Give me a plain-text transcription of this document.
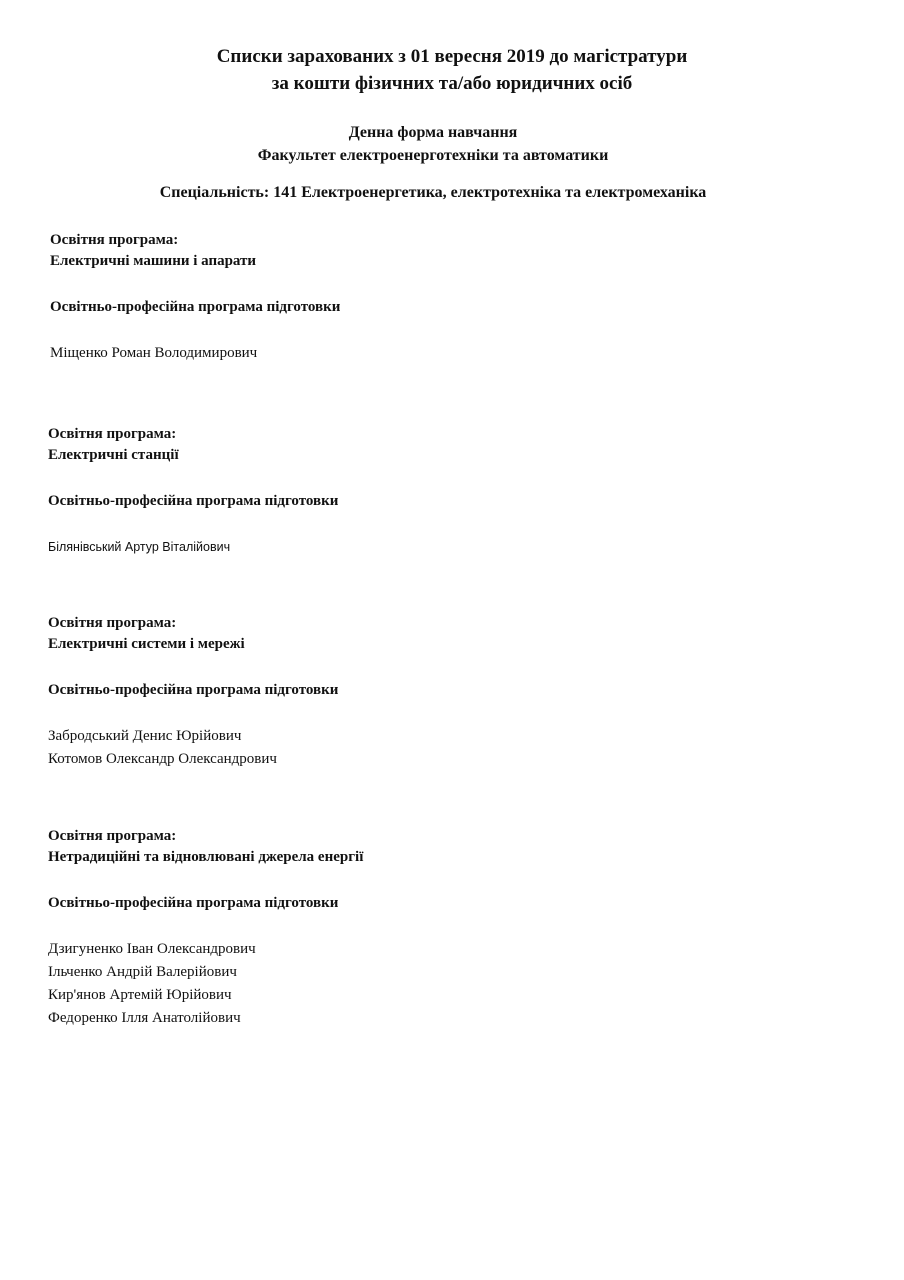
Списки зарахованих з 01 вересня 2019 до магістратури
за кошти фізичних та/або юридичних осіб

Денна форма навчання

Факультет електроенерготехніки та автоматики

Спеціальність: 141 Електроенергетика, електротехніка та електромеханіка

Освітня програма:

Електричні машини і апарати

Освітньо-професійна програма підготовки

Міщенко Роман Володимирович

Освітня програма:

Електричні станції

Освітньо-професійна програма підготовки

Білянівський Артур Віталійович

Освітня програма:

Електричні системи і мережі

Освітньо-професійна програма підготовки

Забродський Денис Юрійович
Котомов Олександр Олександрович

Освітня програма:

Нетрадиційні та відновлювані джерела енергії

Освітньо-професійна програма підготовки

Дзигуненко Іван Олександрович
Ільченко Андрій Валерійович
Кир'янов Артемій Юрійович
Федоренко Ілля Анатолійович
